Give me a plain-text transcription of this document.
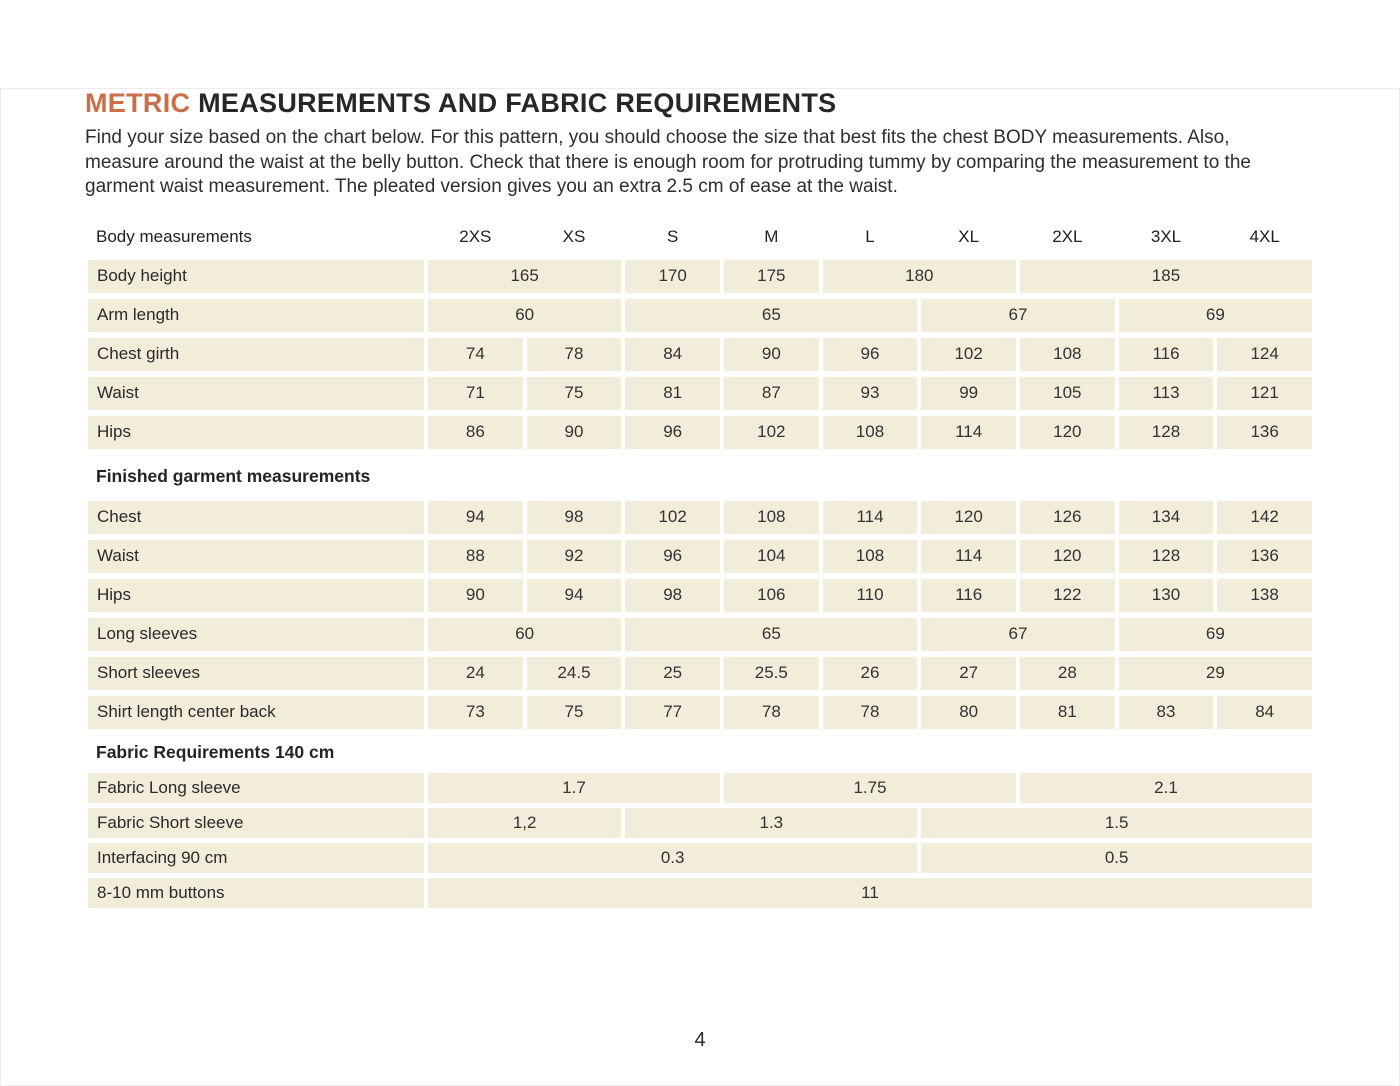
METRIC MEASUREMENTS AND FABRIC REQUIREMENTS

Find your size based on the chart below. For this pattern, you should choose the size that best fits the chest BODY measurements. Also, measure around the waist at the belly button. Check that there is enough room for protruding tummy by comparing the measurement to the garment waist measurement. The pleated version gives you an extra 2.5 cm of ease at the waist.

Body measurements	2XS	XS	S	M	L	XL	2XL	3XL	4XL
Body height	165	170	175	180	185
Arm length	60	65	67	69
Chest girth	74	78	84	90	96	102	108	116	124
Waist	71	75	81	87	93	99	105	113	121
Hips	86	90	96	102	108	114	120	128	136
Finished garment measurements
Chest	94	98	102	108	114	120	126	134	142
Waist	88	92	96	104	108	114	120	128	136
Hips	90	94	98	106	110	116	122	130	138
Long sleeves	60	65	67	69
Short sleeves	24	24.5	25	25.5	26	27	28	29
Shirt length center back	73	75	77	78	78	80	81	83	84
Fabric Requirements 140 cm
Fabric Long sleeve	1.7	1.75	2.1
Fabric Short sleeve	1,2	1.3	1.5
Interfacing 90 cm	0.3	0.5
8-10 mm buttons	11
4
